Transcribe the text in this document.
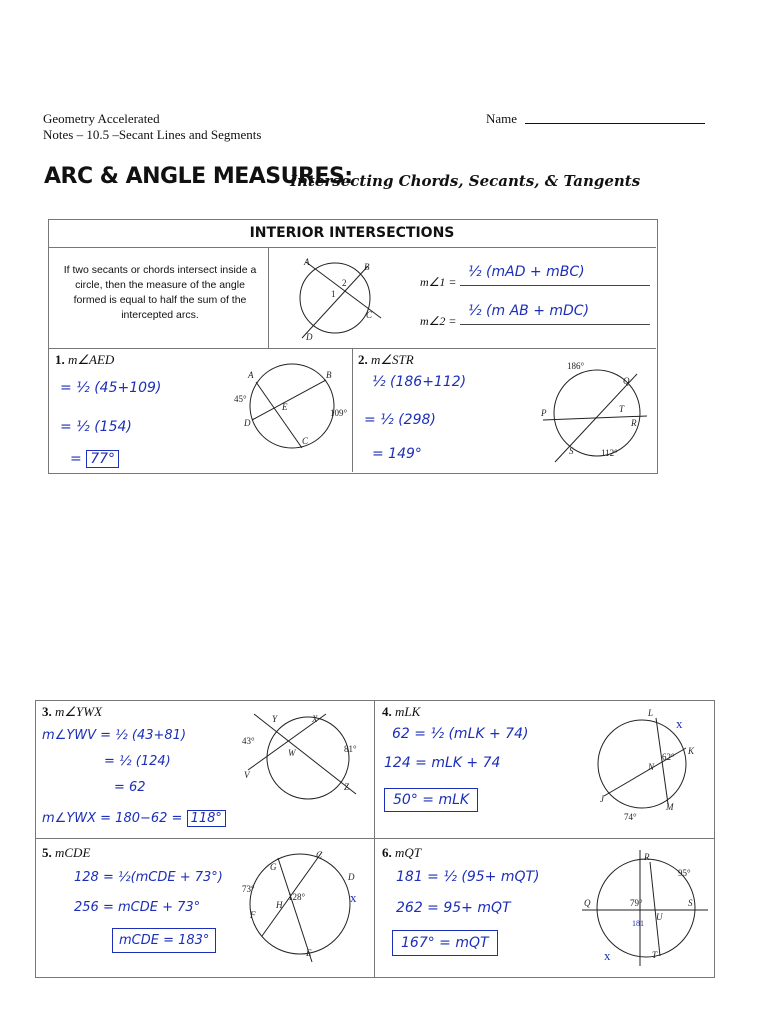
Geometry Accelerated
Notes – 10.5 –Secant Lines and Segments
Name
ARC & ANGLE MEASURES:
Intersecting Chords, Secants, & Tangents
INTERIOR INTERSECTIONS
If two secants or chords intersect inside a circle, then the measure of the angle formed is equal to half the sum of the intercepted arcs.
A	B
C
D
1
2	m∠1 =
½ (mAD + mBC)
m∠2 =
½ (m AB + mDC)
1. m∠AED
= ½ (45+109)
= ½ (154)
= 77°
A	B
C
D
E
45°
109°
2. m∠STR
½ (186+112)
= ½ (298)
= 149°
186°
Q
P	T
R
S	112°
3. m∠YWX
m∠YWV = ½ (43+81)
= ½ (124)
= 62
m∠YWX = 180−62 = 118°
Y	X
W
V
Z
43°
81°
4. mLK
62 = ½ (mLK + 74)
124 = mLK + 74
50° = mLK
L
K
N
J
M
62°
74°
x
5. mCDE
128 = ½(mCDE + 73°)
256 = mCDE + 73°
mCDE = 183°
G
C
D
H
F
E
73°
128°	x
6. mQT
181 = ½ (95+ mQT)
262 = 95+ mQT
167° = mQT
R
Q	S
U
T
95°
79°
181
x
